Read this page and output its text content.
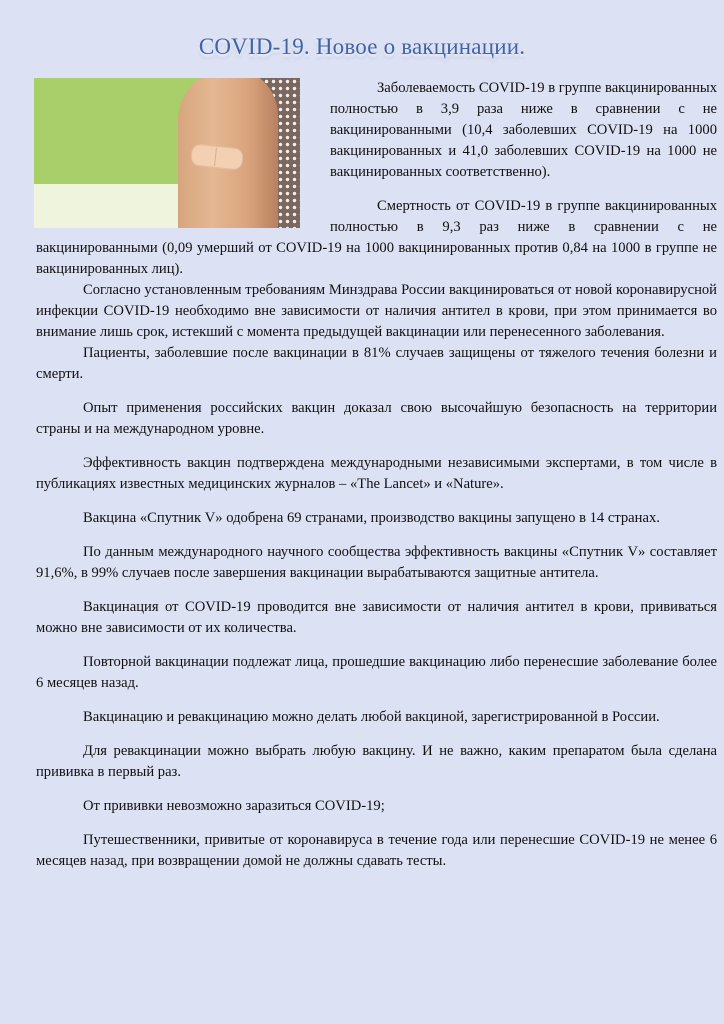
COVID-19. Новое о вакцинации.

Заболеваемость COVID-19 в группе вакцинированных полностью в 3,9 раза ниже в сравнении с не вакцинированными (10,4 заболевших COVID-19 на 1000 вакцинированных и 41,0 заболевших COVID-19 на 1000 не вакцинированных соответственно).

Смертность от COVID-19 в группе вакцинированных полностью в 9,3 раз ниже в сравнении с не вакцинированными (0,09 умерший от COVID-19 на 1000 вакцинированных против 0,84 на 1000 в группе не вакцинированных лиц).

Согласно установленным требованиям Минздрава России вакцинироваться от новой коронавирусной инфекции COVID-19 необходимо вне зависимости от наличия антител в крови, при этом принимается во внимание лишь срок, истекший с момента предыдущей вакцинации или перенесенного заболевания.

Пациенты, заболевшие после вакцинации в 81% случаев защищены от тяжелого течения болезни и смерти.

Опыт применения российских вакцин доказал свою высочайшую безопасность на территории страны и на международном уровне.

Эффективность вакцин подтверждена международными независимыми экспертами, в том числе в публикациях известных медицинских журналов – «The Lancet» и «Nature».

Вакцина «Спутник V» одобрена 69 странами, производство вакцины запущено в 14 странах.

По данным международного научного сообщества эффективность вакцины «Спутник V» составляет 91,6%, в 99% случаев после завершения вакцинации вырабатываются защитные антитела.

Вакцинация от COVID-19 проводится вне зависимости от наличия антител в крови, прививаться можно вне зависимости от их количества.

Повторной вакцинации подлежат лица, прошедшие вакцинацию либо перенесшие заболевание более 6 месяцев назад.

Вакцинацию и ревакцинацию можно делать любой вакциной, зарегистрированной в России.

Для ревакцинации можно выбрать любую вакцину. И не важно, каким препаратом была сделана прививка в первый раз.

От прививки невозможно заразиться COVID-19;

Путешественники, привитые от коронавируса в течение года или перенесшие COVID-19 не менее 6 месяцев назад, при возвращении домой не должны сдавать тесты.
